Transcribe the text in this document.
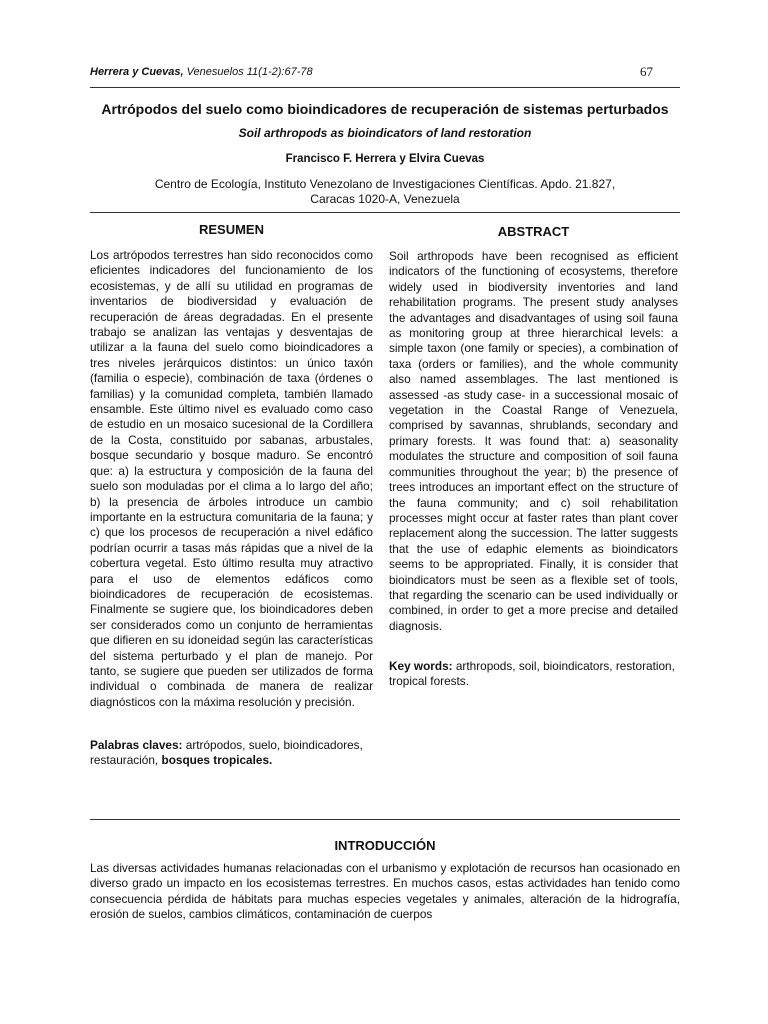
Herrera y Cuevas, Venesuelos 11(1-2):67-78	67
Artrópodos del suelo como bioindicadores de recuperación de sistemas perturbados
Soil arthropods as bioindicators of land restoration
Francisco F. Herrera y Elvira Cuevas
Centro de Ecología, Instituto Venezolano de Investigaciones Científicas. Apdo. 21.827,
Caracas 1020-A, Venezuela
RESUMEN
Los artrópodos terrestres han sido reconocidos como eficientes indicadores del funcionamiento de los ecosistemas, y de allí su utilidad en programas de inventarios de biodiversidad y evaluación de recuperación de áreas degradadas. En el presente trabajo se analizan las ventajas y desventajas de utilizar a la fauna del suelo como bioindicadores a tres niveles jerárquicos distintos: un único taxón (familia o especie), combinación de taxa (órdenes o familias) y la comunidad completa, también llamado ensamble. Este último nivel es evaluado como caso de estudio en un mosaico sucesional de la Cordillera de la Costa, constituido por sabanas, arbustales, bosque secundario y bosque maduro. Se encontró que: a) la estructura y composición de la fauna del suelo son moduladas por el clima a lo largo del año; b) la presencia de árboles introduce un cambio importante en la estructura comunitaria de la fauna; y c) que los procesos de recuperación a nivel edáfico podrían ocurrir a tasas más rápidas que a nivel de la cobertura vegetal. Esto último resulta muy atractivo para el uso de elementos edáficos como bioindicadores de recuperación de ecosistemas. Finalmente se sugiere que, los bioindicadores deben ser considerados como un conjunto de herramientas que difieren en su idoneidad según las características del sistema perturbado y el plan de manejo. Por tanto, se sugiere que pueden ser utilizados de forma individual o combinada de manera de realizar diagnósticos con la máxima resolución y precisión.
Palabras claves: artrópodos, suelo, bioindicadores, restauración, bosques tropicales.
ABSTRACT
Soil arthropods have been recognised as efficient indicators of the functioning of ecosystems, therefore widely used in biodiversity inventories and land rehabilitation programs. The present study analyses the advantages and disadvantages of using soil fauna as monitoring group at three hierarchical levels: a simple taxon (one family or species), a combination of taxa (orders or families), and the whole community also named assemblages. The last mentioned is assessed -as study case- in a successional mosaic of vegetation in the Coastal Range of Venezuela, comprised by savannas, shrublands, secondary and primary forests. It was found that: a) seasonality modulates the structure and composition of soil fauna communities throughout the year; b) the presence of trees introduces an important effect on the structure of the fauna community; and c) soil rehabilitation processes might occur at faster rates than plant cover replacement along the succession. The latter suggests that the use of edaphic elements as bioindicators seems to be appropriated. Finally, it is consider that bioindicators must be seen as a flexible set of tools, that regarding the scenario can be used individually or combined, in order to get a more precise and detailed diagnosis.
Key words: arthropods, soil, bioindicators, restoration, tropical forests.
INTRODUCCIÓN
Las diversas actividades humanas relacionadas con el urbanismo y explotación de recursos han ocasionado en diverso grado un impacto en los ecosistemas terrestres. En muchos casos, estas actividades han tenido como consecuencia pérdida de hábitats para muchas especies vegetales y animales, alteración de la hidrografía, erosión de suelos, cambios climáticos, contaminación de cuerpos
